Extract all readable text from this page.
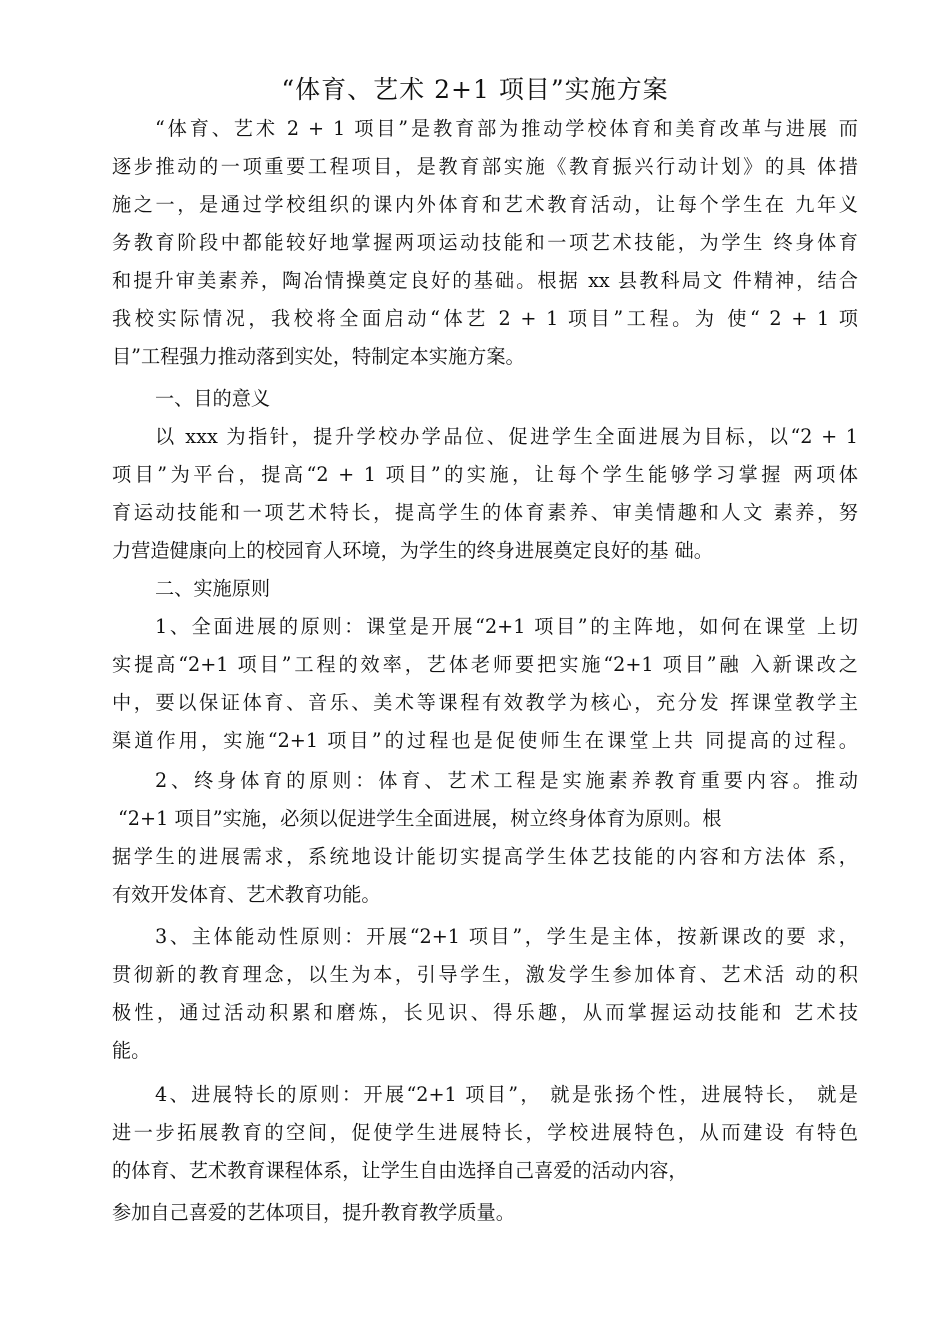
“体育、艺术 2+1 项目”实施方案
“体育、艺术 2 + 1 项目”是教育部为推动学校体育和美育改革与进展 而
逐步推动的一项重要工程项目，是教育部实施《教育振兴行动计划》的具 体措
施之一，是通过学校组织的课内外体育和艺术教育活动，让每个学生在 九年义
务教育阶段中都能较好地掌握两项运动技能和一项艺术技能，为学生 终身体育
和提升审美素养，陶冶情操奠定良好的基础。根据 xx 县教科局文 件精神，结合
我校实际情况，我校将全面启动“体艺 2 + 1 项目”工程。为 使“ 2 + 1 项
目”工程强力推动落到实处，特制定本实施方案。
一、目的意义
以 xxx 为指针，提升学校办学品位、促进学生全面进展为目标，以“2 + 1
项目”为平台，提高“2 + 1 项目”的实施，让每个学生能够学习掌握 两项体
育运动技能和一项艺术特长，提高学生的体育素养、审美情趣和人文 素养，努
力营造健康向上的校园育人环境，为学生的终身进展奠定良好的基 础。
二、实施原则
1、全面进展的原则：课堂是开展“2+1 项目”的主阵地，如何在课堂 上切
实提高“2+1 项目”工程的效率，艺体老师要把实施“2+1 项目”融 入新课改之
中，要以保证体育、音乐、美术等课程有效教学为核心，充分发 挥课堂教学主
渠道作用，实施“2+1 项目”的过程也是促使师生在课堂上共 同提高的过程。
2、终身体育的原则：体育、艺术工程是实施素养教育重要内容。推动
“2+1 项目”实施，必须以促进学生全面进展，树立终身体育为原则。根
据学生的进展需求，系统地设计能切实提高学生体艺技能的内容和方法体 系，
有效开发体育、艺术教育功能。
3、主体能动性原则：开展“2+1 项目”，学生是主体，按新课改的要 求，
贯彻新的教育理念，以生为本，引导学生，激发学生参加体育、艺术活 动的积
极性，通过活动积累和磨炼，长见识、得乐趣，从而掌握运动技能和 艺术技
能。
4、进展特长的原则：开展“2+1 项目”， 就是张扬个性，进展特长， 就是
进一步拓展教育的空间，促使学生进展特长，学校进展特色，从而建设 有特色
的体育、艺术教育课程体系，让学生自由选择自己喜爱的活动内容，
参加自己喜爱的艺体项目，提升教育教学质量。
